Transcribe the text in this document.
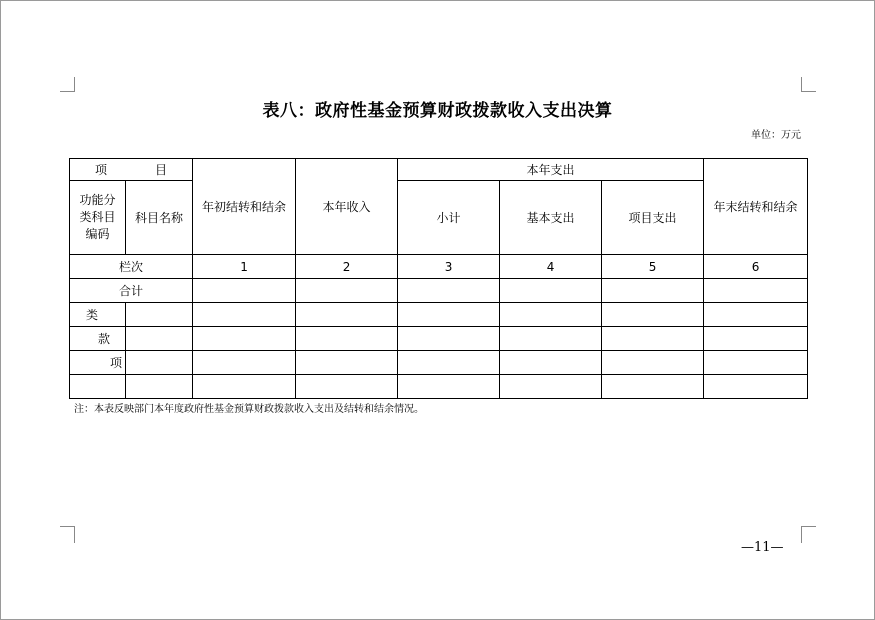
表八：政府性基金预算财政拨款收入支出决算
单位：万元
项　目		年初结转和结余	本年收入	本年支出			年末结转和结余
功能分类科目编码	科目名称			小计	基本支出	项目支出	
栏次		1	2	3	4	5	6
合计							
类							
款							
项							

注：本表反映部门本年度政府性基金预算财政拨款收入支出及结转和结余情况。
—11—
